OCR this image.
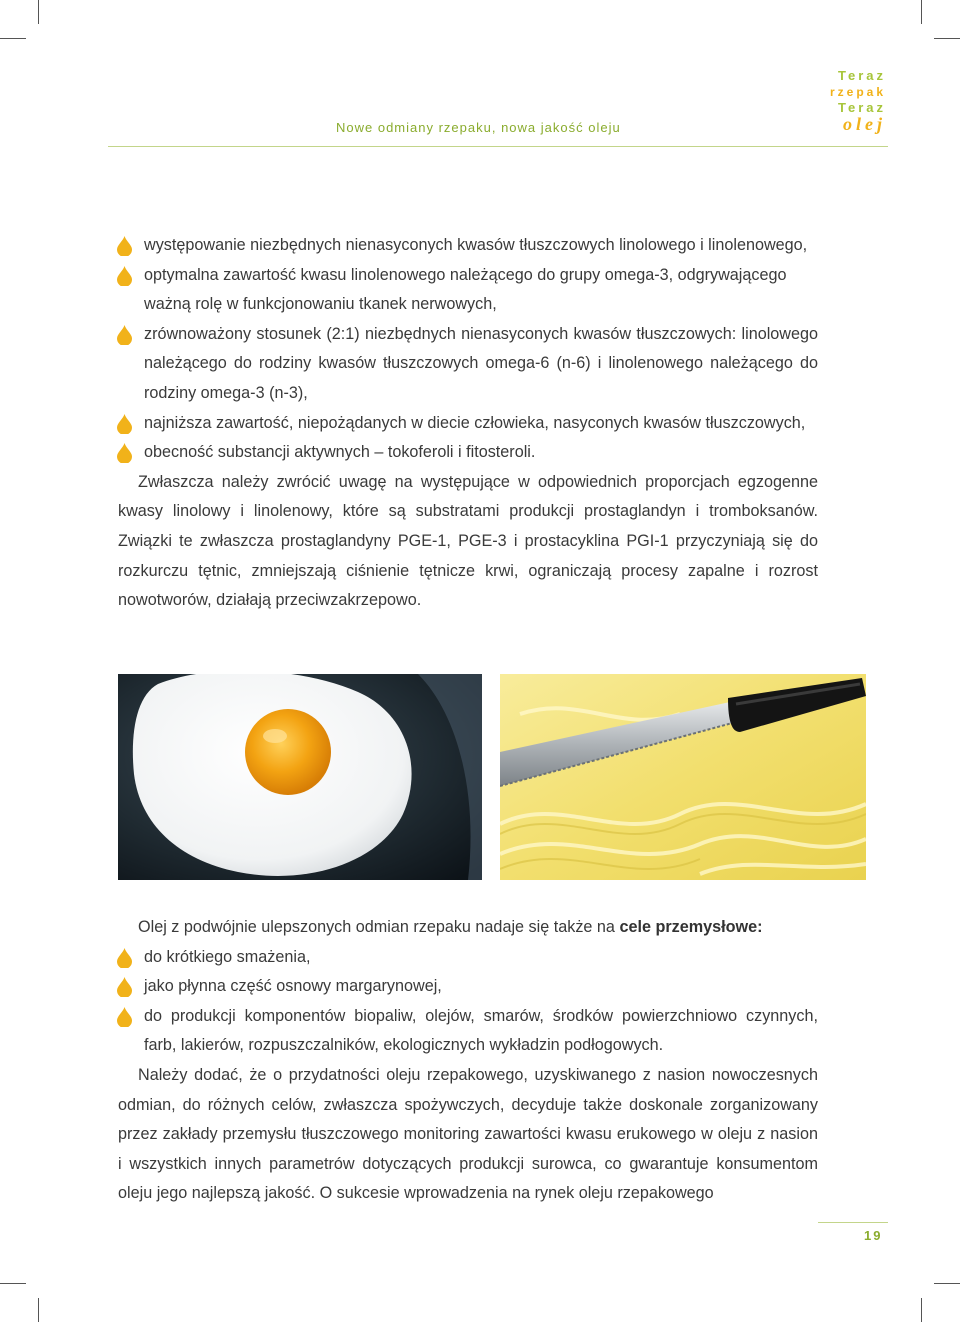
Nowe odmiany rzepaku, nowa jakość oleju
Teraz
rzepak
Teraz
olej
występowanie niezbędnych nienasyconych kwasów tłuszczowych linolowego i linolenowego,
optymalna zawartość kwasu linolenowego należącego do grupy omega-3, odgrywającego ważną rolę w funkcjonowaniu tkanek nerwowych,
zrównoważony stosunek (2:1) niezbędnych nienasyconych kwasów tłuszczowych: linolowego należącego do rodziny kwasów tłuszczowych omega-6 (n-6) i linolenowego należącego do rodziny omega-3 (n-3),
najniższa zawartość, niepożądanych w diecie człowieka, nasyconych kwasów tłuszczowych,
obecność substancji aktywnych – tokoferoli i fitosteroli.
Zwłaszcza należy zwrócić uwagę na występujące w odpowiednich proporcjach egzogenne kwasy linolowy i linolenowy, które są substratami produkcji prostaglandyn i tromboksanów. Związki te zwłaszcza prostaglandyny PGE-1, PGE-3 i prostacyklina PGI-1 przyczyniają się do rozkurczu tętnic, zmniejszają ciśnienie tętnicze krwi, ograniczają procesy zapalne i rozrost nowotworów, działają przeciwzakrzepowo.
Olej z podwójnie ulepszonych odmian rzepaku nadaje się także na cele przemysłowe:
do krótkiego smażenia,
jako płynna część osnowy margarynowej,
do produkcji komponentów biopaliw, olejów, smarów, środków powierzchniowo czynnych, farb, lakierów, rozpuszczalników, ekologicznych wykładzin podłogowych.
Należy dodać, że o przydatności oleju rzepakowego, uzyskiwanego z nasion nowoczesnych odmian, do różnych celów, zwłaszcza spożywczych, decyduje także doskonale zorganizowany przez zakłady przemysłu tłuszczowego monitoring zawartości kwasu erukowego w oleju z nasion i wszystkich innych parametrów dotyczących produkcji surowca, co gwarantuje konsumentom oleju jego najlepszą jakość. O sukcesie wprowadzenia na rynek oleju rzepakowego
19
